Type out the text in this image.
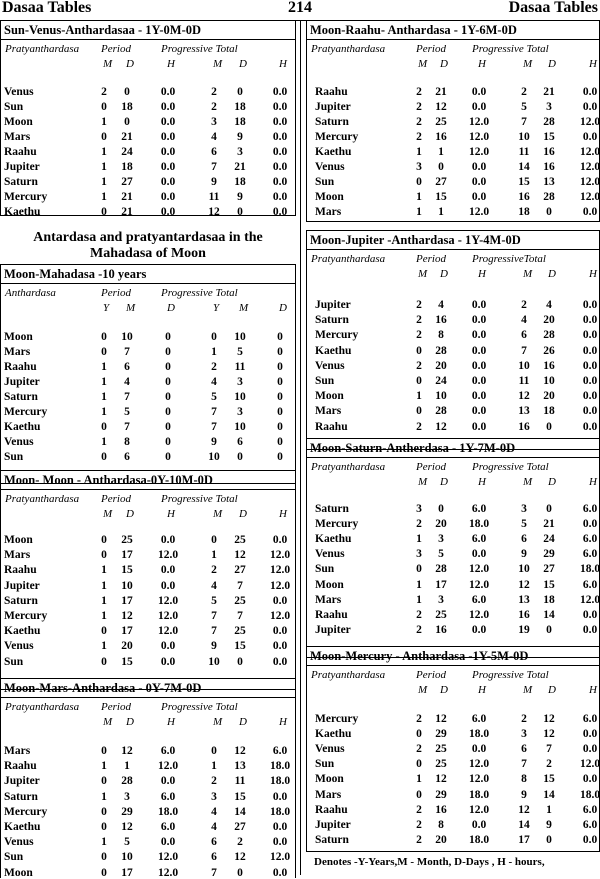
Dasaa Tables	214	Dasaa Tables
Antardasa and pratyantardasaa in the
Mahadasa of Moon
Sun-Venus-Anthardasaa - 1Y-0M-0D
Pratyanthardasa Period	Progressive Total
M D	H	M D	H
Venus	2	0	0.0	2	0	0.0
Sun	0	18	0.0	2	18	0.0
Moon	1	0	0.0	3	18	0.0
Mars	0	21	0.0	4	9	0.0
Raahu	1	24	0.0	6	3	0.0
Jupiter	1	18	0.0	7	21	0.0
Saturn	1	27	0.0	9	18	0.0
Mercury	1	21	0.0	11	9	0.0
Kaethu	0	21	0.0	12	0	0.0
Moon-Mahadasa -10 years
Anthardasa	Period	Progressive Total
Y M	D	Y M	D
Moon	0	10	0	0	10	0
Mars	0	7	0	1	5	0
Raahu	1	6	0	2	11	0
Jupiter	1	4	0	4	3	0
Saturn	1	7	0	5	10	0
Mercury	1	5	0	7	3	0
Kaethu	0	7	0	7	10	0
Venus	1	8	0	9	6	0
Sun	0	6	0	10	0	0
Moon- Moon - Anthardasa-0Y-10M-0D
Pratyanthardasa Period	Progressive Total
M D	H	M D	H
Moon	0	25	0.0	0	25	0.0
Mars	0	17	12.0	1	12	12.0
Raahu	1	15	0.0	2	27	12.0
Jupiter	1	10	0.0	4	7	12.0
Saturn	1	17	12.0	5	25	0.0
Mercury	1	12	12.0	7	7	12.0
Kaethu	0	17	12.0	7	25	0.0
Venus	1	20	0.0	9	15	0.0
Sun	0	15	0.0	10	0	0.0
Moon-Mars-Anthardasa - 0Y-7M-0D
Pratyanthardasa Period	Progressive Total
M D	H	M D	H
Mars	0	12	6.0	0	12	6.0
Raahu	1	1	12.0	1	13	18.0
Jupiter	0	28	0.0	2	11	18.0
Saturn	1	3	6.0	3	15	0.0
Mercury	0	29	18.0	4	14	18.0
Kaethu	0	12	6.0	4	27	0.0
Venus	1	5	0.0	6	2	0.0
Sun	0	10	12.0	6	12	12.0
Moon	0	17	12.0	7	0	0.0
Denotes -Y-Years,M - Month, D-Days , H - hours,
Moon-Raahu- Anthardasa - 1Y-6M-0D
Pratyanthardasa	Period Progressive Total
M D	H	M D	H
Raahu	2	21	0.0	2	21	0.0
Jupiter	2	12	0.0	5	3	0.0
Saturn	2	25	12.0	7	28	12.0
Mercury	2	16	12.0	10	15	0.0
Kaethu	1	1	12.0	11	16	12.0
Venus	3	0	0.0	14	16	12.0
Sun	0	27	0.0	15	13	12.0
Moon	1	15	0.0	16	28	12.0
Mars	1	1	12.0	18	0	0.0
Moon-Jupiter -Anthardasa - 1Y-4M-0D
Pratyanthardasa	Period ProgressiveTotal
M D	H	M D	H
Jupiter	2	4	0.0	2	4	0.0
Saturn	2	16	0.0	4	20	0.0
Mercury	2	8	0.0	6	28	0.0
Kaethu	0	28	0.0	7	26	0.0
Venus	2	20	0.0	10	16	0.0
Sun	0	24	0.0	11	10	0.0
Moon	1	10	0.0	12	20	0.0
Mars	0	28	0.0	13	18	0.0
Raahu	2	12	0.0	16	0	0.0
Moon-Saturn-Antherdasa - 1Y-7M-0D
Pratyanthardasa	Period Progressive Total
M D	H	M D	H
Saturn	3	0	6.0	3	0	6.0
Mercury	2	20	18.0	5	21	0.0
Kaethu	1	3	6.0	6	24	6.0
Venus	3	5	0.0	9	29	6.0
Sun	0	28	12.0	10	27	18.0
Moon	1	17	12.0	12	15	6.0
Mars	1	3	6.0	13	18	12.0
Raahu	2	25	12.0	16	14	0.0
Jupiter	2	16	0.0	19	0	0.0
Moon-Mercury - Anthardasa -1Y-5M-0D
Pratyanthardasa	Period Progressive Total
M D	H	M D	H
Mercury	2	12	6.0	2	12	6.0
Kaethu	0	29	18.0	3	12	0.0
Venus	2	25	0.0	6	7	0.0
Sun	0	25	12.0	7	2	12.0
Moon	1	12	12.0	8	15	0.0
Mars	0	29	18.0	9	14	18.0
Raahu	2	16	12.0	12	1	6.0
Jupiter	2	8	0.0	14	9	6.0
Saturn	2	20	18.0	17	0	0.0
